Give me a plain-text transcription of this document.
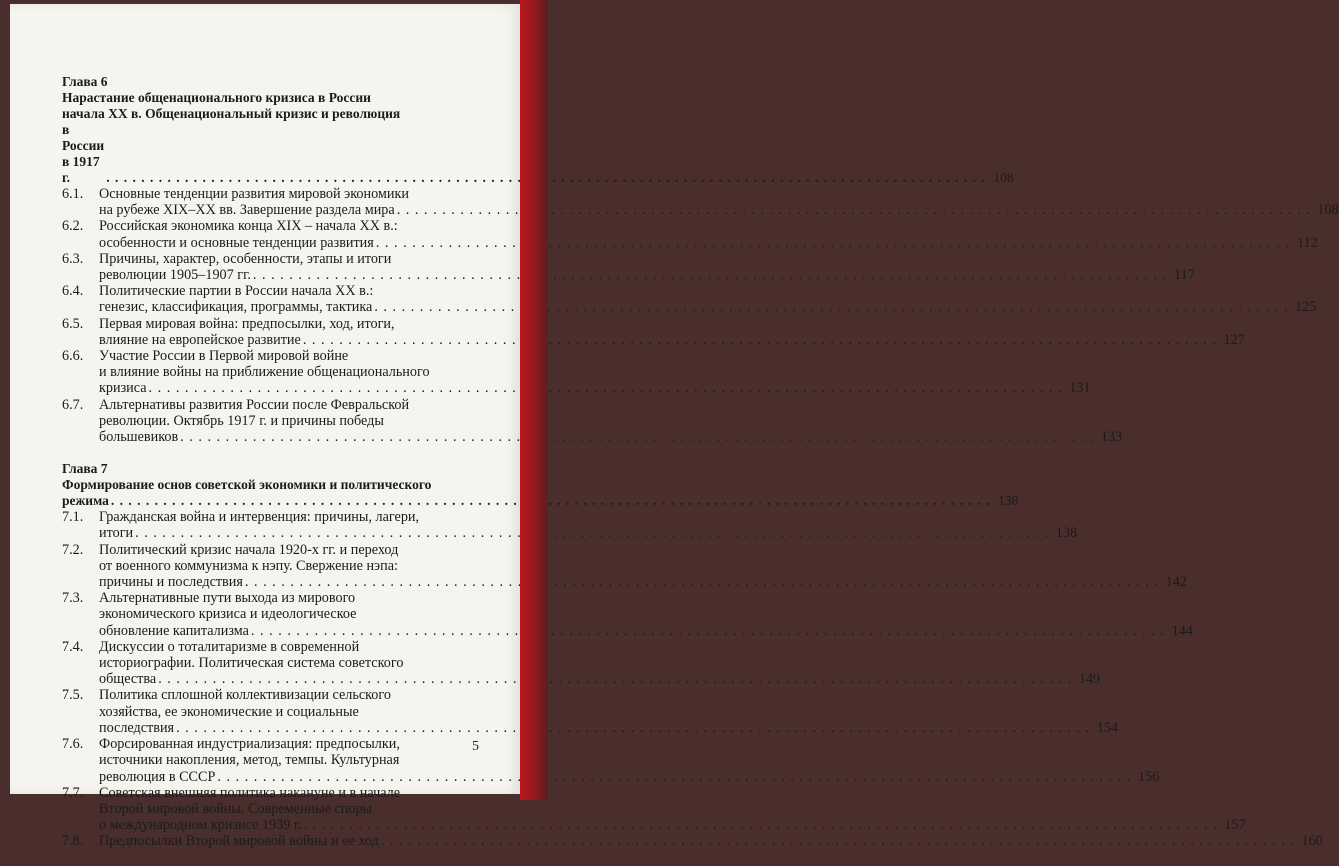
Глава 6
Нарастание общенационального кризиса в России
начала XX в. Общенациональный кризис и революция
в России в 1917 г. . . .	108
6.1.	Основные тенденции развития мировой экономики
на рубеже XIX–XX вв. Завершение раздела мира . . .	108
6.2.	Российская экономика конца XIX – начала XX в.:
особенности и основные тенденции развития . . .	112
6.3.	Причины, характер, особенности, этапы и итоги
революции 1905–1907 гг. . . .	117
6.4.	Политические партии в России начала XX в.:
генезис, классификация, программы, тактика . . .	125
6.5.	Первая мировая война: предпосылки, ход, итоги,
влияние на европейское развитие . . .	127
6.6.	Участие России в Первой мировой войне
и влияние войны на приближение общенационального
кризиса . . .	131
6.7.	Альтернативы развития России после Февральской
революции. Октябрь 1917 г. и причины победы
большевиков . . .	133
Глава 7
Формирование основ советской экономики и политического
режима . . .	138
7.1.	Гражданская война и интервенция: причины, лагери,
итоги . . .	138
7.2.	Политический кризис начала 1920-х гг. и переход
от военного коммунизма к нэпу. Свержение нэпа:
причины и последствия . . .	142
7.3.	Альтернативные пути выхода из мирового
экономического кризиса и идеологическое
обновление капитализма . . .	144
7.4.	Дискуссии о тоталитаризме в современной
историографии. Политическая система советского
общества . . .	149
7.5.	Политика сплошной коллективизации сельского
хозяйства, ее экономические и социальные
последствия . . .	154
7.6.	Форсированная индустриализация: предпосылки,
источники накопления, метод, темпы. Культурная
революция в СССР . . .	156
7.7.	Советская внешняя политика накануне и в начале
Второй мировой войны. Современные споры
о международном кризисе 1939 г. . . .	157
7.8.	Предпосылки Второй мировой войны и ее ход . . .	160
5
